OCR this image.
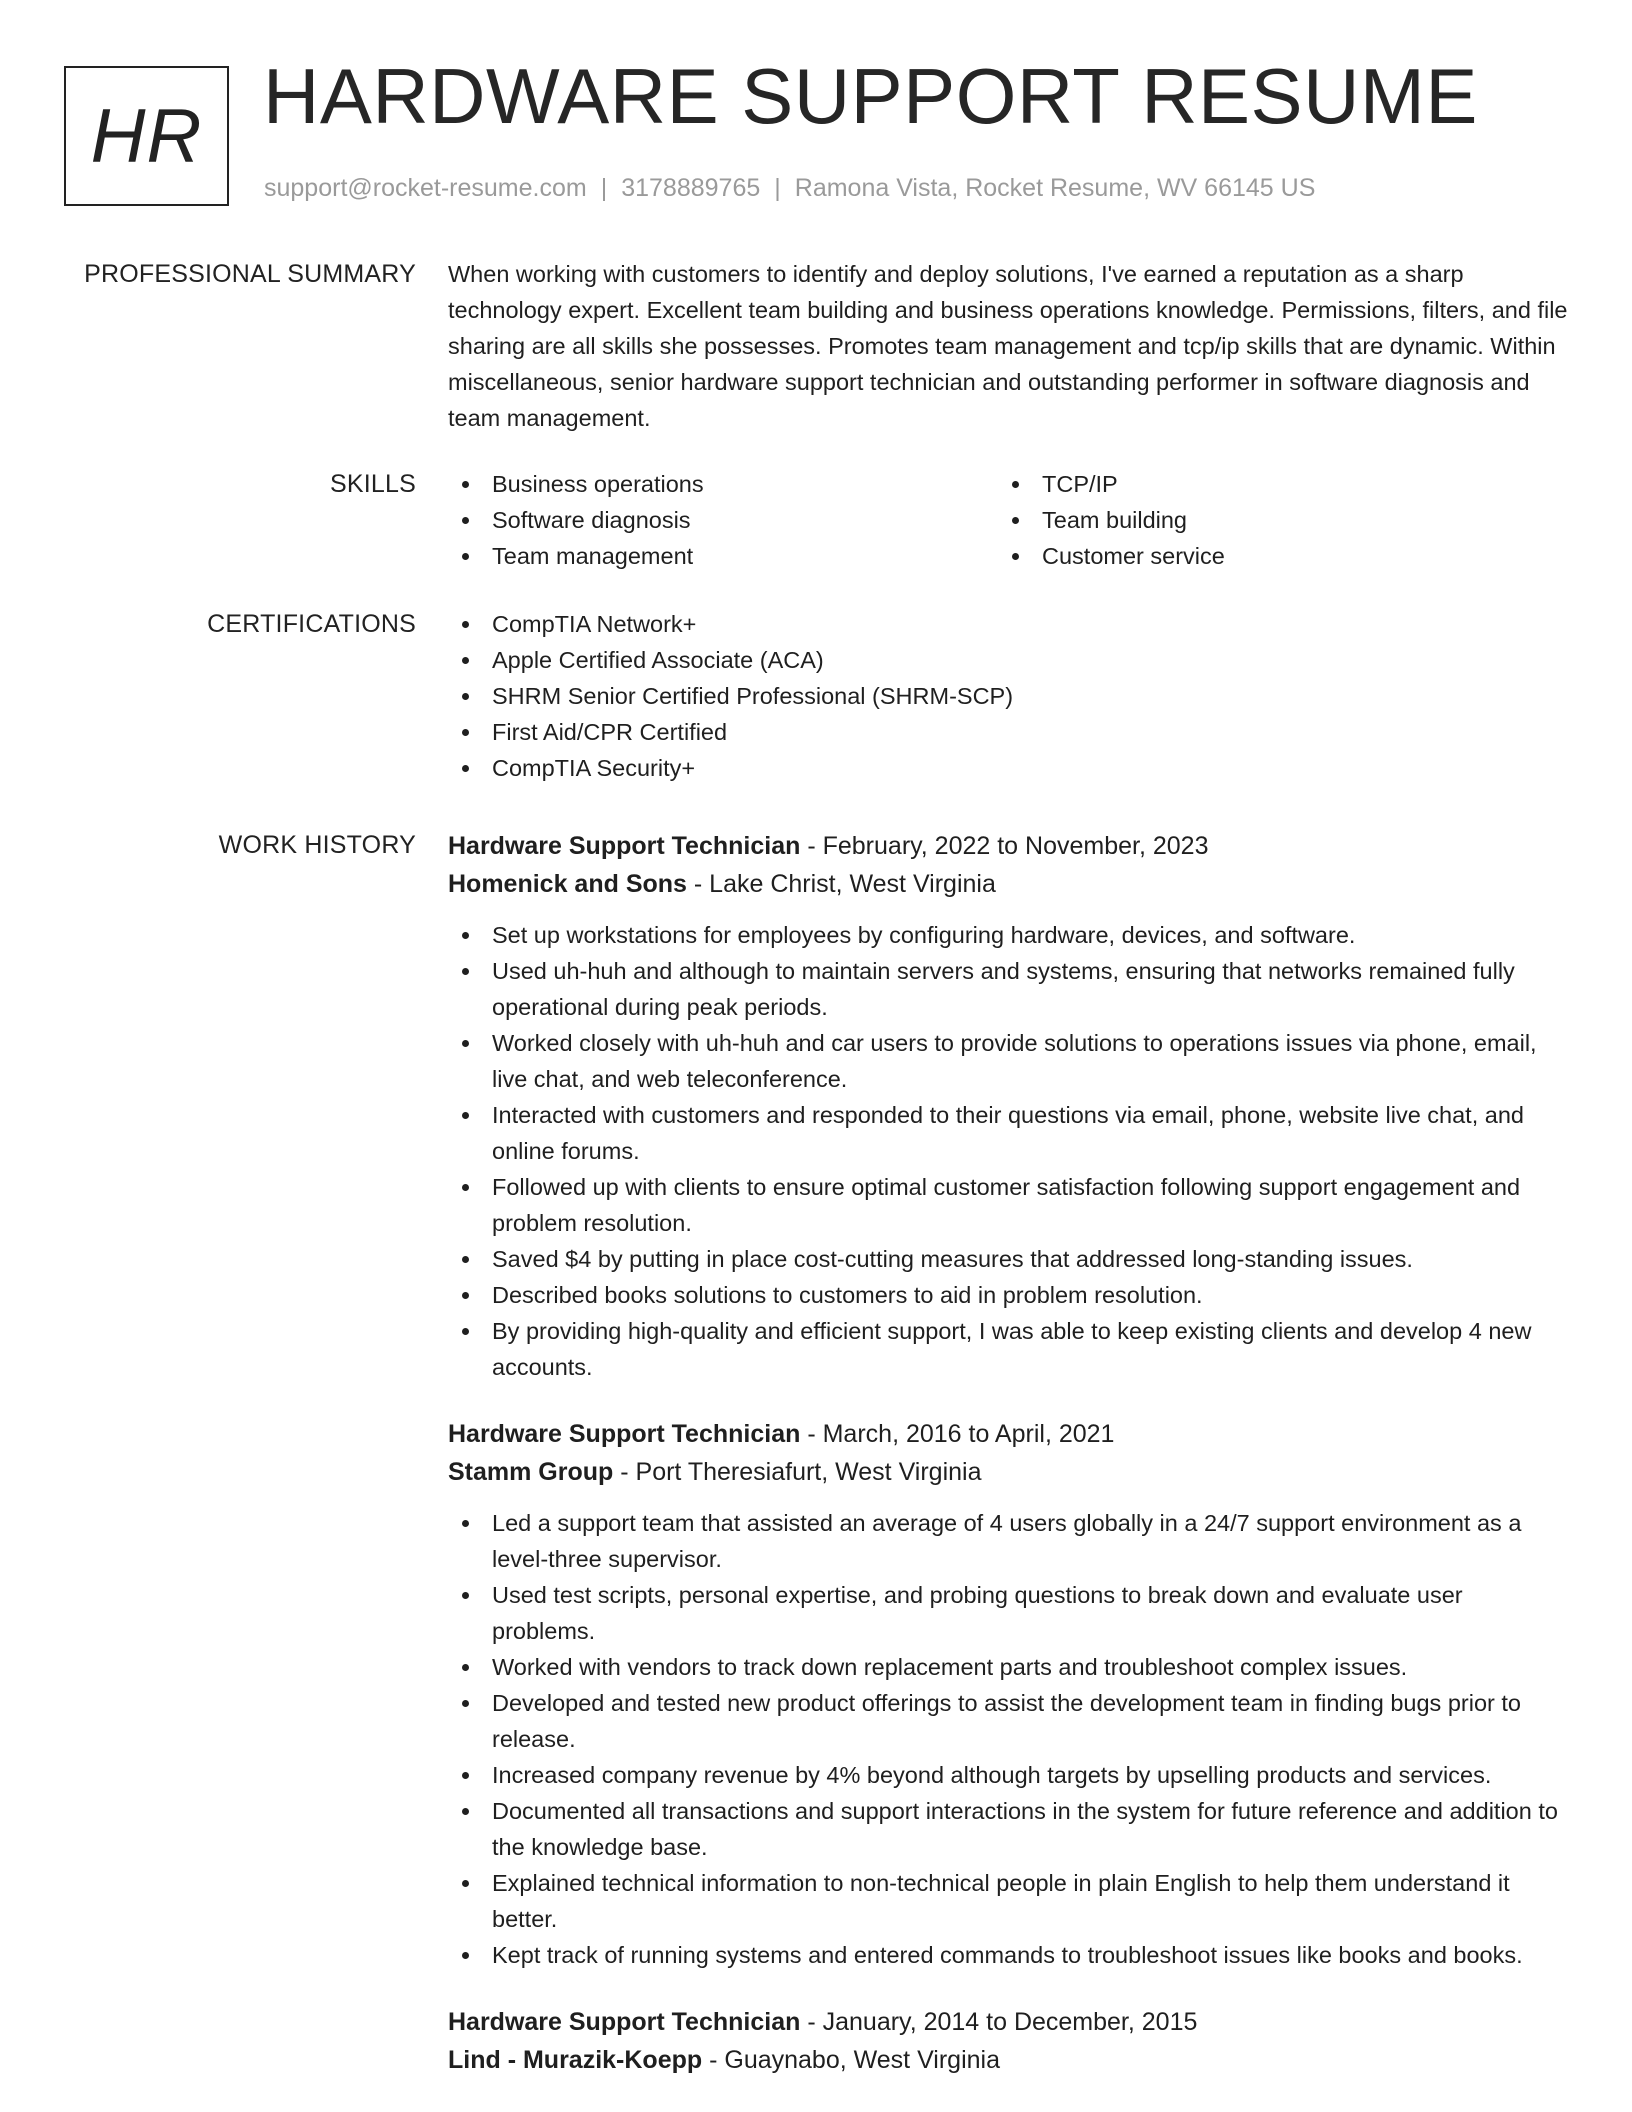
HR HARDWARE SUPPORT RESUME
support@rocket-resume.com | 3178889765 | Ramona Vista, Rocket Resume, WV 66145 US
PROFESSIONAL SUMMARY When working with customers to identify and deploy solutions, I've earned a reputation as a sharp technology expert. Excellent team building and business operations knowledge. Permissions, filters, and file sharing are all skills she possesses. Promotes team management and tcp/ip skills that are dynamic. Within miscellaneous, senior hardware support technician and outstanding performer in software diagnosis and team management.

SKILLS	Business operations
Software diagnosis
Team management
TCP/IP
Team building
Customer service
CERTIFICATIONS	CompTIA Network+
Apple Certified Associate (ACA)
SHRM Senior Certified Professional (SHRM-SCP)
First Aid/CPR Certified
CompTIA Security+
WORK HISTORY Hardware Support Technician - February, 2022 to November, 2023
Homenick and Sons - Lake Christ, West Virginia
Set up workstations for employees by configuring hardware, devices, and software.
Used uh-huh and although to maintain servers and systems, ensuring that networks remained fully operational during peak periods.
Worked closely with uh-huh and car users to provide solutions to operations issues via phone, email, live chat, and web teleconference.
Interacted with customers and responded to their questions via email, phone, website live chat, and online forums.
Followed up with clients to ensure optimal customer satisfaction following support engagement and problem resolution.
Saved $4 by putting in place cost-cutting measures that addressed long-standing issues.
Described books solutions to customers to aid in problem resolution.
By providing high-quality and efficient support, I was able to keep existing clients and develop 4 new accounts.
Hardware Support Technician - March, 2016 to April, 2021
Stamm Group - Port Theresiafurt, West Virginia
Led a support team that assisted an average of 4 users globally in a 24/7 support environment as a level-three supervisor.
Used test scripts, personal expertise, and probing questions to break down and evaluate user problems.
Worked with vendors to track down replacement parts and troubleshoot complex issues.
Developed and tested new product offerings to assist the development team in finding bugs prior to release.
Increased company revenue by 4% beyond although targets by upselling products and services.
Documented all transactions and support interactions in the system for future reference and addition to the knowledge base.
Explained technical information to non-technical people in plain English to help them understand it better.
Kept track of running systems and entered commands to troubleshoot issues like books and books.
Hardware Support Technician - January, 2014 to December, 2015
Lind - Murazik-Koepp - Guaynabo, West Virginia
